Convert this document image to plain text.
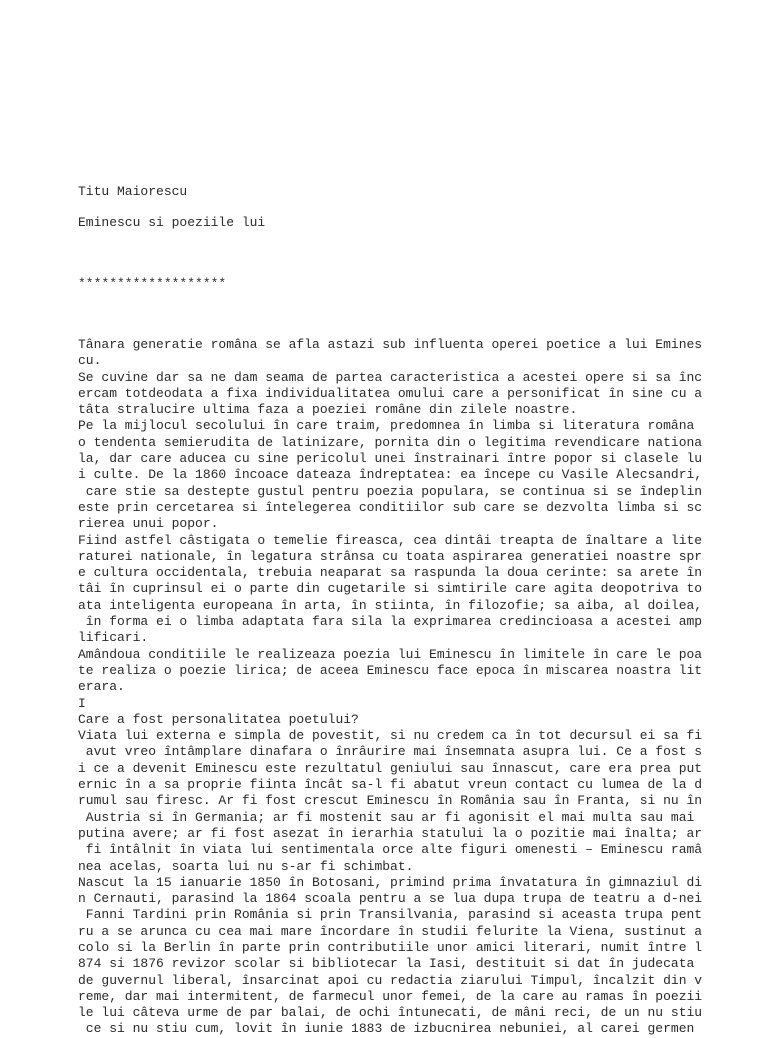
Titu Maiorescu
Eminescu si poeziile lui
*******************
Tânara generatie româna se afla astazi sub influenta operei poetice a lui Emines
cu.
Se cuvine dar sa ne dam seama de partea caracteristica a acestei opere si sa înc
ercam totdeodata a fixa individualitatea omului care a personificat în sine cu a
tâta stralucire ultima faza a poeziei române din zilele noastre.
Pe la mijlocul secolului în care traim, predomnea în limba si literatura româna
o tendenta semierudita de latinizare, pornita din o legitima revendicare nationa
la, dar care aducea cu sine pericolul unei înstrainari între popor si clasele lu
i culte. De la 1860 încoace dateaza îndreptatea: ea începe cu Vasile Alecsandri,
care stie sa destepte gustul pentru poezia populara, se continua si se îndeplin
este prin cercetarea si întelegerea conditiilor sub care se dezvolta limba si sc
rierea unui popor.
Fiind astfel câstigata o temelie fireasca, cea dintâi treapta de înaltare a lite
raturei nationale, în legatura strânsa cu toata aspirarea generatiei noastre spr
e cultura occidentala, trebuia neaparat sa raspunda la doua cerinte: sa arete în
tâi în cuprinsul ei o parte din cugetarile si simtirile care agita deopotriva to
ata inteligenta europeana în arta, în stiinta, în filozofie; sa aiba, al doilea,
în forma ei o limba adaptata fara sila la exprimarea credincioasa a acestei amp
lificari.
Amândoua conditiile le realizeaza poezia lui Eminescu în limitele în care le poa
te realiza o poezie lirica; de aceea Eminescu face epoca în miscarea noastra lit
erara.
I
Care a fost personalitatea poetului?
Viata lui externa e simpla de povestit, si nu credem ca în tot decursul ei sa fi
avut vreo întâmplare dinafara o înrâurire mai însemnata asupra lui. Ce a fost s
i ce a devenit Eminescu este rezultatul geniului sau înnascut, care era prea put
ernic în a sa proprie fiinta încât sa-l fi abatut vreun contact cu lumea de la d
rumul sau firesc. Ar fi fost crescut Eminescu în România sau în Franta, si nu în
Austria si în Germania; ar fi mostenit sau ar fi agonisit el mai multa sau mai
putina avere; ar fi fost asezat în ierarhia statului la o pozitie mai înalta; ar
fi întâlnit în viata lui sentimentala orce alte figuri omenesti – Eminescu ramâ
nea acelas, soarta lui nu s-ar fi schimbat.
Nascut la 15 ianuarie 1850 în Botosani, primind prima învatatura în gimnaziul di
n Cernauti, parasind la 1864 scoala pentru a se lua dupa trupa de teatru a d-nei
Fanni Tardini prin România si prin Transilvania, parasind si aceasta trupa pent
ru a se arunca cu cea mai mare încordare în studii felurite la Viena, sustinut a
colo si la Berlin în parte prin contributiile unor amici literari, numit între l
874 si 1876 revizor scolar si bibliotecar la Iasi, destituit si dat în judecata
de guvernul liberal, însarcinat apoi cu redactia ziarului Timpul, încalzit din v
reme, dar mai intermitent, de farmecul unor femei, de la care au ramas în poezii
le lui câteva urme de par balai, de ochi întunecati, de mâni reci, de un nu stiu
ce si nu stiu cum, lovit în iunie 1883 de izbucnirea nebuniei, al carei germen
